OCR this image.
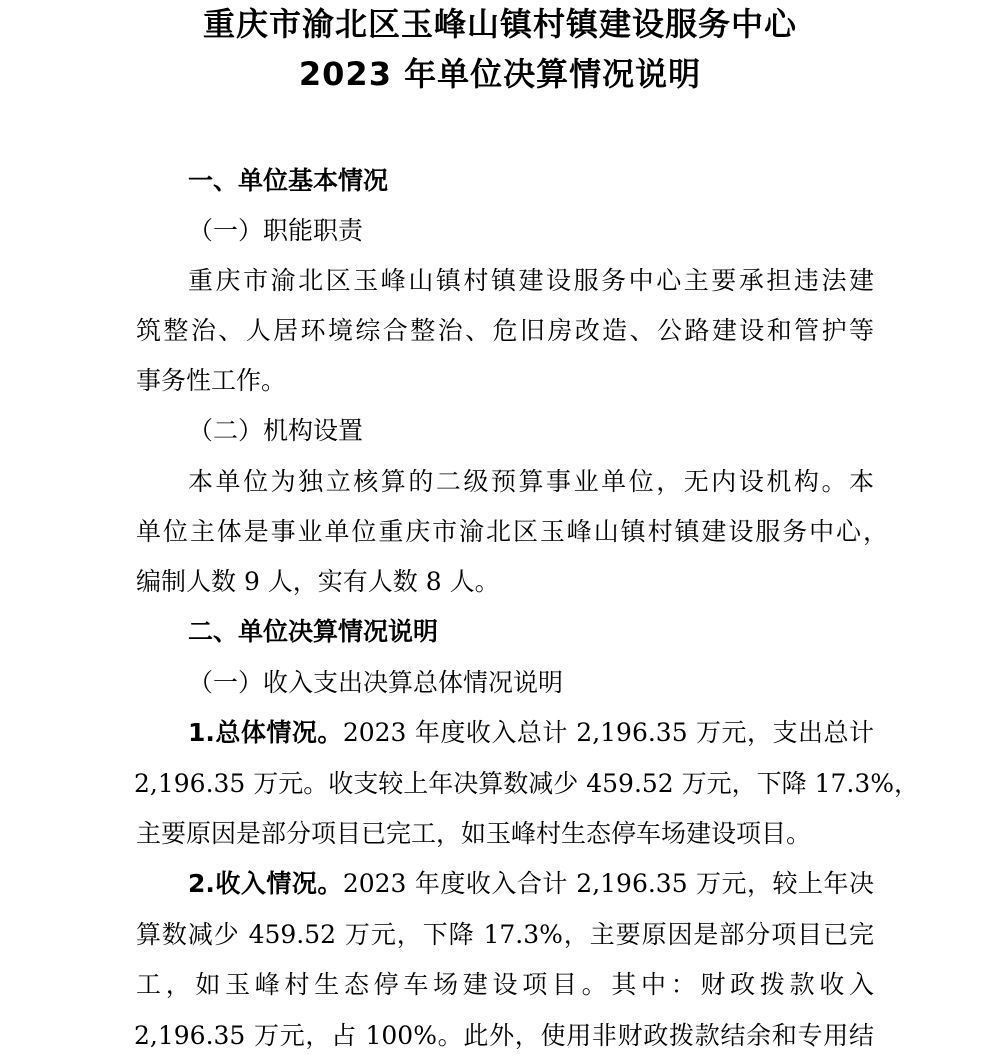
重庆市渝北区玉峰山镇村镇建设服务中心
2023 年单位决算情况说明

一、单位基本情况

（一）职能职责

重庆市渝北区玉峰山镇村镇建设服务中心主要承担违法建

筑整治、人居环境综合整治、危旧房改造、公路建设和管护等

事务性工作。

（二）机构设置

本单位为独立核算的二级预算事业单位，无内设机构。本

单位主体是事业单位重庆市渝北区玉峰山镇村镇建设服务中心，

编制人数 9 人，实有人数 8 人。

二、单位决算情况说明

（一）收入支出决算总体情况说明

1.总体情况。2023 年度收入总计 2,196.35 万元，支出总计

2,196.35 万元。收支较上年决算数减少 459.52 万元，下降 17.3%，

主要原因是部分项目已完工，如玉峰村生态停车场建设项目。

2.收入情况。2023 年度收入合计 2,196.35 万元，较上年决

算数减少 459.52 万元，下降 17.3%，主要原因是部分项目已完

工，如玉峰村生态停车场建设项目。其中：财政拨款收入

2,196.35 万元，占 100%。此外，使用非财政拨款结余和专用结
